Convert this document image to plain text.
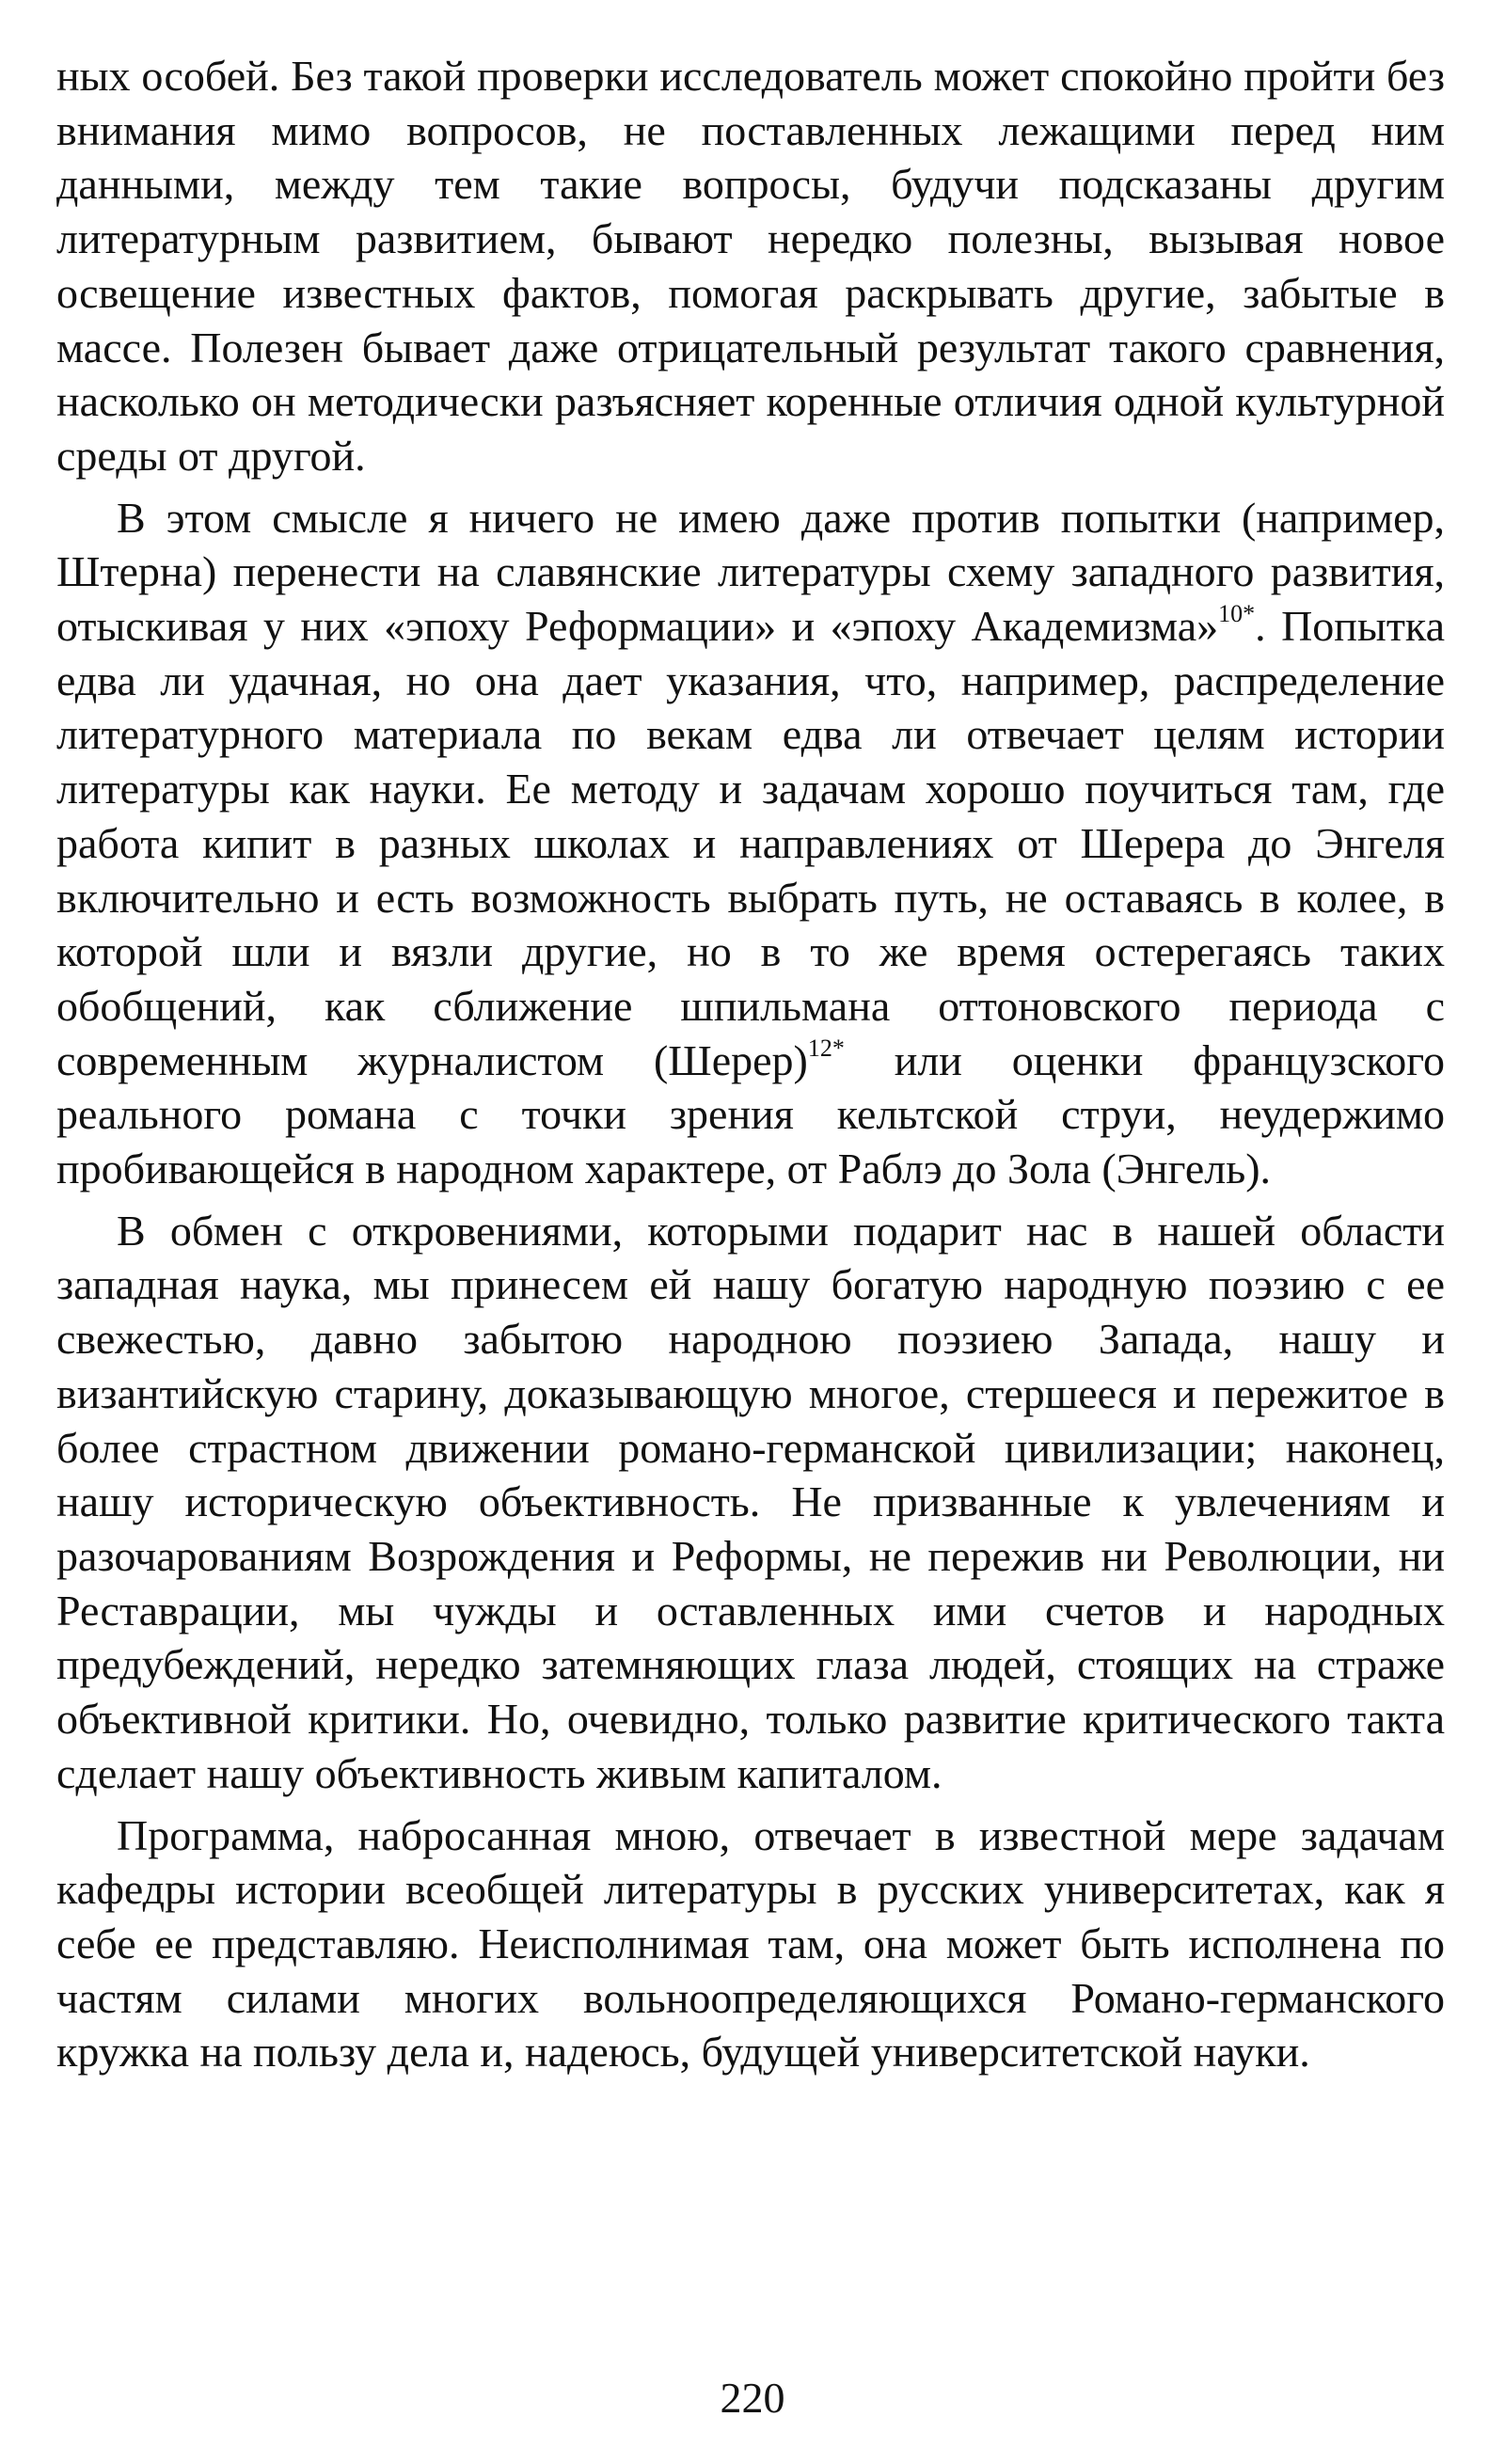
ных особей. Без такой проверки исследователь может спокойно пройти без внимания мимо вопросов, не поставленных лежащими перед ним данными, между тем такие вопросы, будучи подсказаны другим литературным развитием, бывают нередко полезны, вызывая новое освещение известных фактов, помогая раскрывать другие, забытые в массе. Полезен бывает даже отрицательный результат такого сравнения, насколько он методически разъясняет коренные отличия одной культурной среды от другой.

В этом смысле я ничего не имею даже против попытки (например, Штерна) перенести на славянские литературы схему западного развития, отыскивая у них «эпоху Реформации» и «эпоху Академизма»$^{10*}$. Попытка едва ли удачная, но она дает указания, что, например, распределение литературного материала по векам едва ли отвечает целям истории литературы как науки. Ее методу и задачам хорошо поучиться там, где работа кипит в разных школах и направлениях от Шерера до Энгеля включительно и есть возможность выбрать путь, не оставаясь в колее, в которой шли и вязли другие, но в то же время остерегаясь таких обобщений, как сближение шпильмана оттоновского периода с современным журналистом (Шерер)$^{12*}$ или оценки французского реального романа с точки зрения кельтской струи, неудержимо пробивающейся в народном характере, от Раблэ до Зола (Энгель).

В обмен с откровениями, которыми подарит нас в нашей области западная наука, мы принесем ей нашу богатую народную поэзию с ее свежестью, давно забытою народною поэзиею Запада, нашу и византийскую старину, доказывающую многое, стершееся и пережитое в более страстном движении романо-германской цивилизации; наконец, нашу историческую объективность. Не призванные к увлечениям и разочарованиям Возрождения и Реформы, не пережив ни Революции, ни Реставрации, мы чужды и оставленных ими счетов и народных предубеждений, нередко затемняющих глаза людей, стоящих на страже объективной критики. Но, очевидно, только развитие критического такта сделает нашу объективность живым капиталом.

Программа, набросанная мною, отвечает в известной мере задачам кафедры истории всеобщей литературы в русских университетах, как я себе ее представляю. Неисполнимая там, она может быть исполнена по частям силами многих вольноопределяющихся Романо-германского кружка на пользу дела и, надеюсь, будущей университетской науки.

220
